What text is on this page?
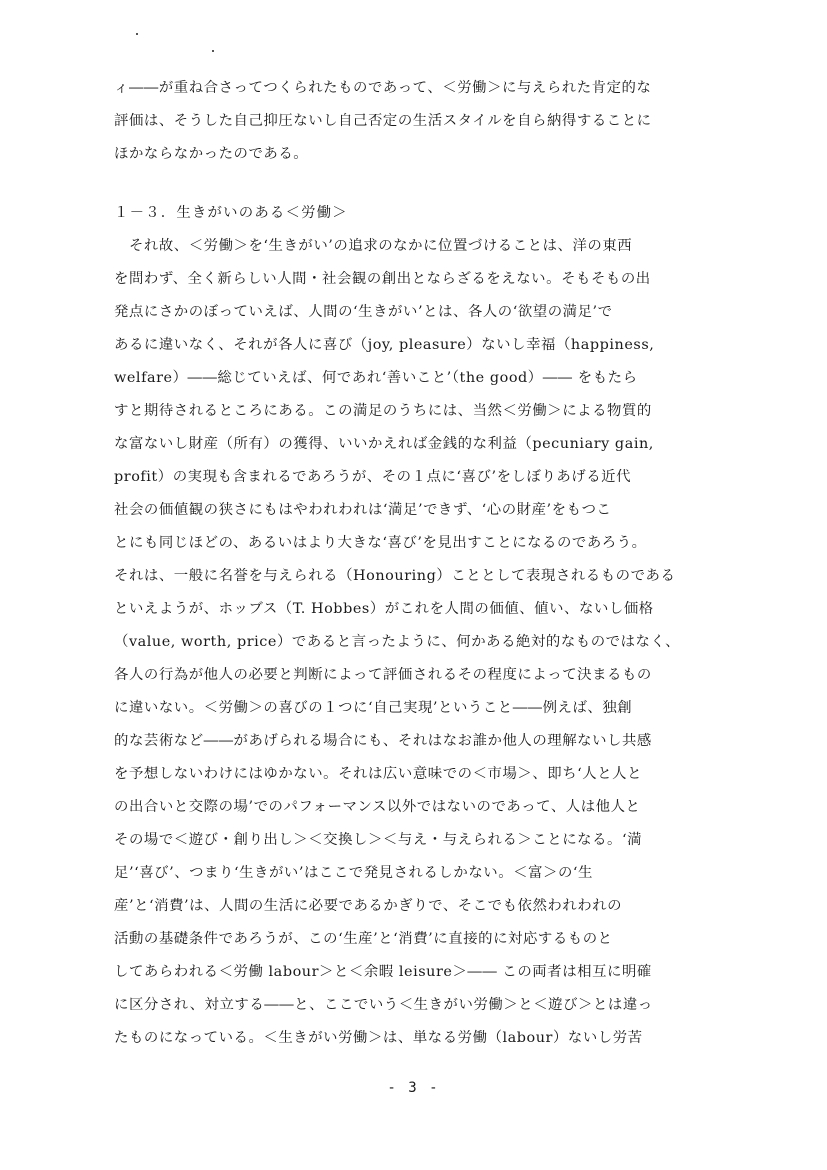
ィ――が重ね合さってつくられたものであって、＜労働＞に与えられた肯定的な
評価は、そうした自己抑圧ないし自己否定の生活スタイルを自ら納得することに
ほかならなかったのである。
１－３．生きがいのある＜労働＞
　それ故、＜労働＞を‘生きがい’の追求のなかに位置づけることは、洋の東西
を問わず、全く新らしい人間・社会観の創出とならざるをえない。そもそもの出
発点にさかのぼっていえば、人間の‘生きがい’とは、各人の‘欲望の満足’で
あるに違いなく、それが各人に喜び（joy, pleasure）ないし幸福（happiness,
welfare）――総じていえば、何であれ‘善いこと’（the good）―― をもたら
すと期待されるところにある。この満足のうちには、当然＜労働＞による物質的
な富ないし財産（所有）の獲得、いいかえれば金銭的な利益（pecuniary gain,
profit）の実現も含まれるであろうが、その１点に‘喜び’をしぼりあげる近代
社会の価値観の狭さにもはやわれわれは‘満足’できず、‘心の財産’をもつこ
とにも同じほどの、あるいはより大きな‘喜び’を見出すことになるのであろう。
それは、一般に名誉を与えられる（Honouring）こととして表現されるものである
といえようが、ホッブス（T. Hobbes）がこれを人間の価値、値い、ないし価格
（value, worth, price）であると言ったように、何かある絶対的なものではなく、
各人の行為が他人の必要と判断によって評価されるその程度によって決まるもの
に違いない。＜労働＞の喜びの１つに‘自己実現’ということ――例えば、独創
的な芸術など――があげられる場合にも、それはなお誰か他人の理解ないし共感
を予想しないわけにはゆかない。それは広い意味での＜市場＞、即ち‘人と人と
の出合いと交際の場’でのパフォーマンス以外ではないのであって、人は他人と
その場で＜遊び・創り出し＞＜交換し＞＜与え・与えられる＞ことになる。‘満
足’‘喜び’、つまり‘生きがい’はここで発見されるしかない。＜富＞の‘生
産’と‘消費’は、人間の生活に必要であるかぎりで、そこでも依然われわれの
活動の基礎条件であろうが、この‘生産’と‘消費’に直接的に対応するものと
してあらわれる＜労働 labour＞と＜余暇 leisure＞―― この両者は相互に明確
に区分され、対立する――と、ここでいう＜生きがい労働＞と＜遊び＞とは違っ
たものになっている。＜生きがい労働＞は、単なる労働（labour）ないし労苦
- 3 -
